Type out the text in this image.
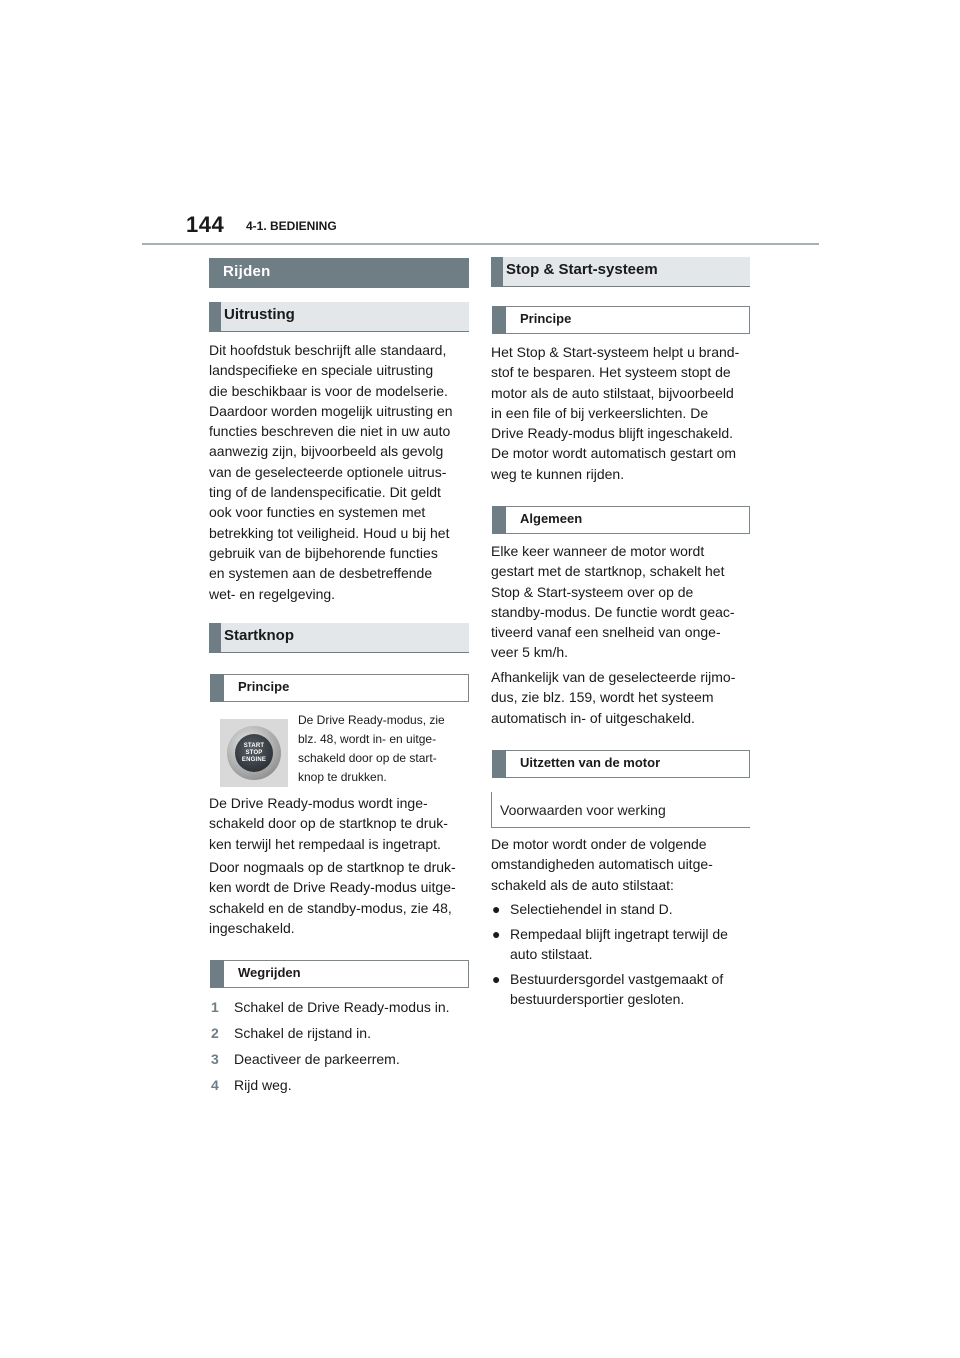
144 4-1. BEDIENING
Rijden
Uitrusting
Dit hoofdstuk beschrijft alle standaard,
landspecifieke en speciale uitrusting
die beschikbaar is voor de modelserie.
Daardoor worden mogelijk uitrusting en
functies beschreven die niet in uw auto
aanwezig zijn, bijvoorbeeld als gevolg
van de geselecteerde optionele uitrus-
ting of de landenspecificatie. Dit geldt
ook voor functies en systemen met
betrekking tot veiligheid. Houd u bij het
gebruik van de bijbehorende functies
en systemen aan de desbetreffende
wet- en regelgeving.
Startknop
Principe
START
STOP
ENGINE
De Drive Ready-modus, zie
blz. 48, wordt in- en uitge-
schakeld door op de start-
knop te drukken.
De Drive Ready-modus wordt inge-
schakeld door op de startknop te druk-
ken terwijl het rempedaal is ingetrapt.
Door nogmaals op de startknop te druk-
ken wordt de Drive Ready-modus uitge-
schakeld en de standby-modus, zie 48,
ingeschakeld.
Wegrijden
1 Schakel de Drive Ready-modus in.
2 Schakel de rijstand in.
3 Deactiveer de parkeerrem.
4 Rijd weg.
Stop & Start-systeem
Principe
Het Stop & Start-systeem helpt u brand-
stof te besparen. Het systeem stopt de
motor als de auto stilstaat, bijvoorbeeld
in een file of bij verkeerslichten. De
Drive Ready-modus blijft ingeschakeld.
De motor wordt automatisch gestart om
weg te kunnen rijden.
Algemeen
Elke keer wanneer de motor wordt
gestart met de startknop, schakelt het
Stop & Start-systeem over op de
standby-modus. De functie wordt geac-
tiveerd vanaf een snelheid van onge-
veer 5 km/h.
Afhankelijk van de geselecteerde rijmo-
dus, zie blz. 159, wordt het systeem
automatisch in- of uitgeschakeld.
Uitzetten van de motor
Voorwaarden voor werking
De motor wordt onder de volgende
omstandigheden automatisch uitge-
schakeld als de auto stilstaat:
● Selectiehendel in stand D.
● Rempedaal blijft ingetrapt terwijl de
auto stilstaat.
● Bestuurdersgordel vastgemaakt of
bestuurdersportier gesloten.
